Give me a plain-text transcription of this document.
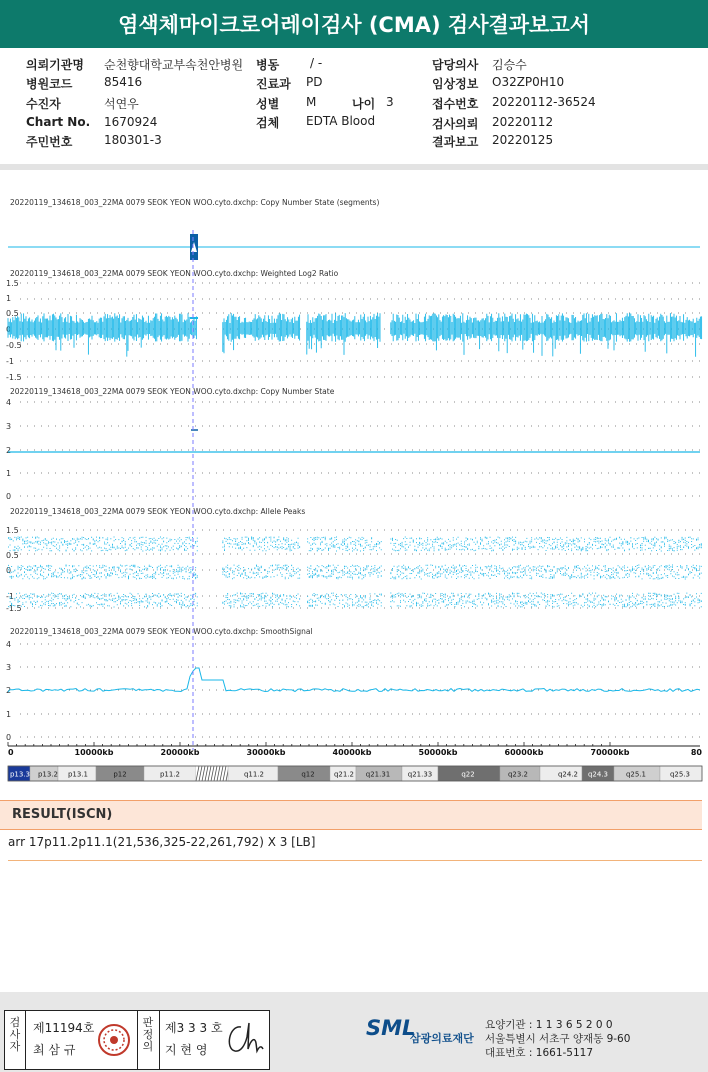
염색체마이크로어레이검사 (CMA) 검사결과보고서
의뢰기관명 순천향대학교부속천안병원
병원코드	85416
수진자	석연우
Chart No. 1670924
주민번호	180301-3
병동	/ -
진료과 PD
성별 M	나이 3
검체 EDTA Blood
담당의사 김승수
임상정보 O32ZP0H10
접수번호 20220112-36524
검사의뢰 20220112
결과보고 20220125
20220119_134618_003_22MA 0079 SEOK YEON WOO.cyto.dxchp: Copy Number State (segments)
20220119_134618_003_22MA 0079 SEOK YEON WOO.cyto.dxchp: Weighted Log2 Ratio
20220119_134618_003_22MA 0079 SEOK YEON WOO.cyto.dxchp: Copy Number State
20220119_134618_003_22MA 0079 SEOK YEON WOO.cyto.dxchp: Allele Peaks
20220119_134618_003_22MA 0079 SEOK YEON WOO.cyto.dxchp: SmoothSignal
1.5
1
0.5
0
-0.5
-1
-1.5
4
3
2
1
0
1.5
0.5
0
-1
-1.5
4
3
2
1
0
0	10000kb	20000kb	30000kb	40000kb	50000kb	60000kb	70000kb	80
p13.3 p13.2 p13.1	p12	p11.2	q11.2	q12	q21.2 q21.31	q21.33	q22	q23.2	q24.2 q24.3	q25.1	q25.3
RESULT(ISCN)
arr 17p11.2p11.1(21,536,325-22,261,792) X 3 [LB]
검사자
판정의
제11194호
최 삼 규
제3 3 3 호
지 현 영
SML
삼광의료재단
요양기관 : 1 1 3 6 5 2 0 0
서울특별시 서초구 양재동 9-60
대표번호 : 1661-5117
